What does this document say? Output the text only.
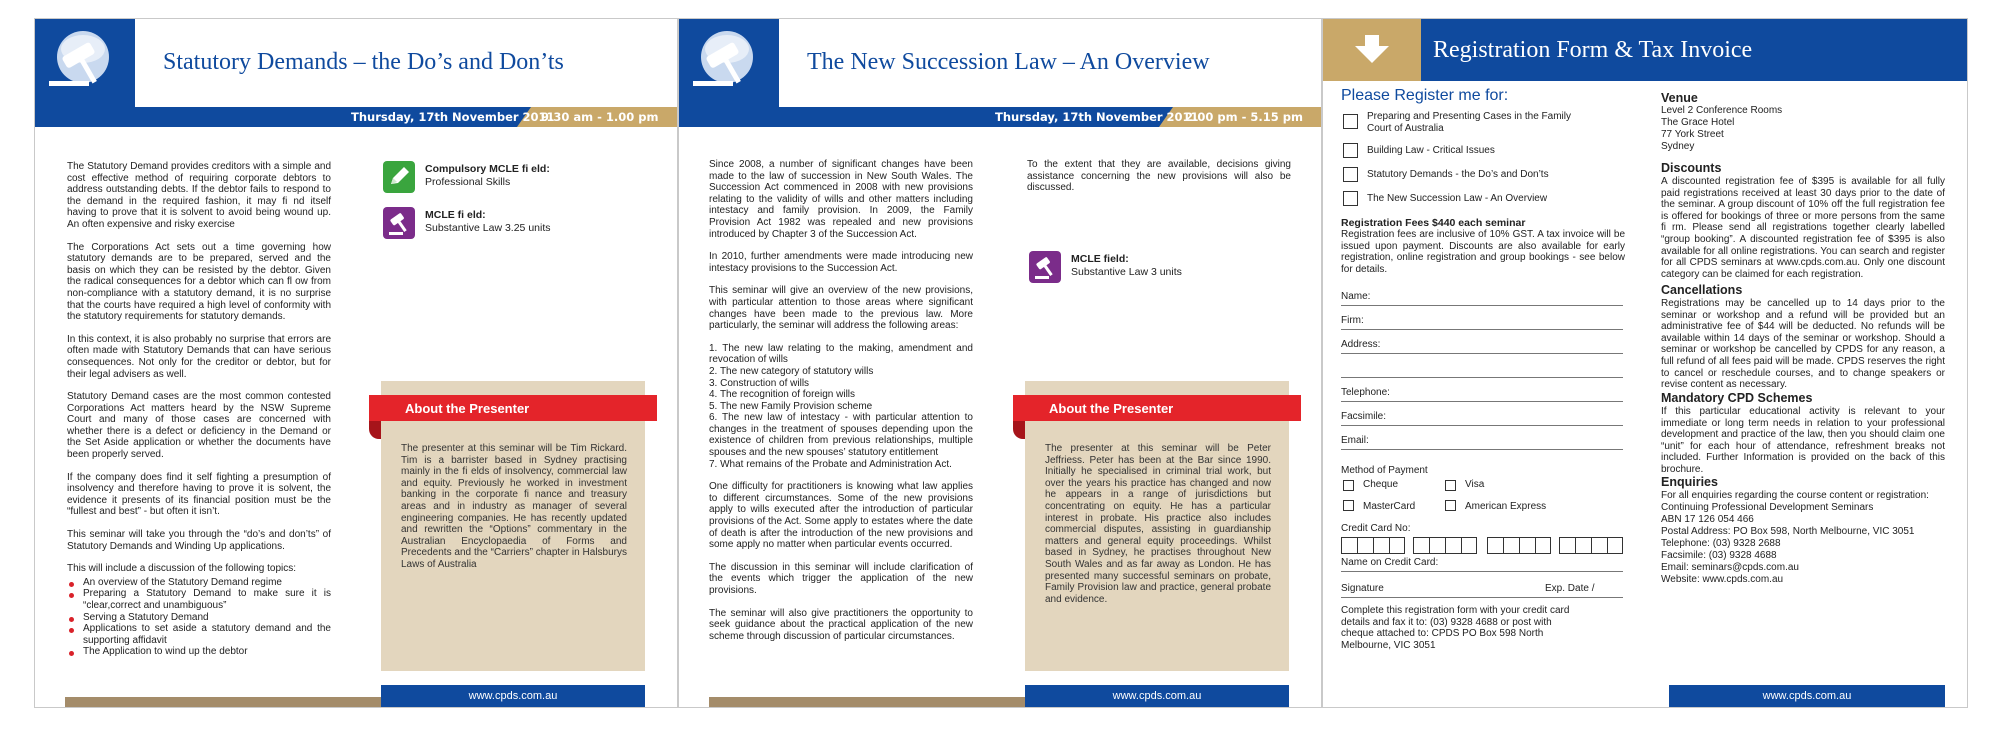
Statutory Demands – the Do’s and Don’ts
Thursday, 17th November 2011
9.30 am - 1.00 pm

The Statutory Demand provides creditors with a simple and cost effective method of requiring corporate debtors to address outstanding debts. If the debtor fails to respond to the demand in the required fashion, it may fi nd itself having to prove that it is solvent to avoid being wound up. An often expensive and risky exercise

The Corporations Act sets out a time governing how statutory demands are to be prepared, served and the basis on which they can be resisted by the debtor. Given the radical consequences for a debtor which can fl ow from non-compliance with a statutory demand, it is no surprise that the courts have required a high level of conformity with the statutory requirements for statutory demands.

In this context, it is also probably no surprise that errors are often made with Statutory Demands that can have serious consequences. Not only for the creditor or debtor, but for their legal advisers as well.

Statutory Demand cases are the most common contested Corporations Act matters heard by the NSW Supreme Court and many of those cases are concerned with whether there is a defect or deficiency in the Demand or the Set Aside application or whether the documents have been properly served.

If the company does find it self fighting a presumption of insolvency and therefore having to prove it is solvent, the evidence it presents of its financial position must be the “fullest and best” - but often it isn’t.

This seminar will take you through the “do’s and don’ts” of Statutory Demands and Winding Up applications.

This will include a discussion of the following topics:

An overview of the Statutory Demand regime
Preparing a Statutory Demand to make sure it is “clear,correct and unambiguous”
Serving a Statutory Demand
Applications to set aside a statutory demand and the supporting affidavit
The Application to wind up the debtor
Compulsory MCLE fi eld:
Professional Skills
MCLE fi eld:
Substantive Law 3.25 units
About the Presenter
The presenter at this seminar will be Tim Rickard. Tim is a barrister based in Sydney practising mainly in the fi elds of insolvency, commercial law and equity. Previously he worked in investment banking in the corporate fi nance and treasury areas and in industry as manager of several engineering companies. He has recently updated and rewritten the “Options” commentary in the Australian Encyclopaedia of Forms and Precedents and the “Carriers” chapter in Halsburys Laws of Australia
www.cpds.com.au
The New Succession Law – An Overview
Thursday, 17th November 2011
2.00 pm - 5.15 pm

Since 2008, a number of significant changes have been made to the law of succession in New South Wales. The Succession Act commenced in 2008 with new provisions relating to the validity of wills and other matters including intestacy and family provision. In 2009, the Family Provision Act 1982 was repealed and new provisions introduced by Chapter 3 of the Succession Act.

In 2010, further amendments were made introducing new intestacy provisions to the Succession Act.

This seminar will give an overview of the new provisions, with particular attention to those areas where significant changes have been made to the previous law. More particularly, the seminar will address the following areas:

1. The new law relating to the making, amendment and revocation of wills
2. The new category of statutory wills
3. Construction of wills
4. The recognition of foreign wills
5. The new Family Provision scheme
6. The new law of intestacy - with particular attention to changes in the treatment of spouses depending upon the existence of children from previous relationships, multiple spouses and the new spouses’ statutory entitlement
7. What remains of the Probate and Administration Act.

One difficulty for practitioners is knowing what law applies to different circumstances. Some of the new provisions apply to wills executed after the introduction of particular provisions of the Act. Some apply to estates where the date of death is after the introduction of the new provisions and some apply no matter when particular events occurred.

The discussion in this seminar will include clarification of the events which trigger the application of the new provisions.

The seminar will also give practitioners the opportunity to seek guidance about the practical application of the new scheme through discussion of particular circumstances.

To the extent that they are available, decisions giving assistance concerning the new provisions will also be discussed.

MCLE field:
Substantive Law 3 units
About the Presenter
The presenter at this seminar will be Peter Jeffriess. Peter has been at the Bar since 1990. Initially he specialised in criminal trial work, but over the years his practice has changed and now he appears in a range of jurisdictions but concentrating on equity. He has a particular interest in probate. His practice also includes commercial disputes, assisting in guardianship matters and general equity proceedings. Whilst based in Sydney, he practises throughout New South Wales and as far away as London. He has presented many successful seminars on probate, Family Provision law and practice, general probate and evidence.
www.cpds.com.au
Registration Form & Tax Invoice
Please Register me for:
Preparing and Presenting Cases in the Family Court of Australia
Building Law - Critical Issues
Statutory Demands - the Do’s and Don’ts
The New Succession Law - An Overview
Registration Fees $440 each seminar
Registration fees are inclusive of 10% GST. A tax invoice will be issued upon payment. Discounts are also available for early registration, online registration and group bookings - see below for details.
Name:
Firm:
Address:
Telephone:
Facsimile:
Email:
Method of Payment
Cheque	Visa
MasterCard	American Express
Credit Card No:
Name on Credit Card:
Signature	Exp. Date /
Complete this registration form with your credit card details and fax it to: (03) 9328 4688 or post with cheque attached to: CPDS PO Box 598 North Melbourne, VIC 3051
Venue
Level 2 Conference Rooms
The Grace Hotel
77 York Street
Sydney
Discounts
A discounted registration fee of $395 is available for all fully paid registrations received at least 30 days prior to the date of the seminar. A group discount of 10% off the full registration fee is offered for bookings of three or more persons from the same fi rm. Please send all registrations together clearly labelled “group booking”. A discounted registration fee of $395 is also available for all online registrations. You can search and register for all CPDS seminars at www.cpds.com.au. Only one discount category can be claimed for each registration.
Cancellations
Registrations may be cancelled up to 14 days prior to the seminar or workshop and a refund will be provided but an administrative fee of $44 will be deducted. No refunds will be available within 14 days of the seminar or workshop. Should a seminar or workshop be cancelled by CPDS for any reason, a full refund of all fees paid will be made. CPDS reserves the right to cancel or reschedule courses, and to change speakers or revise content as necessary.
Mandatory CPD Schemes
If this particular educational activity is relevant to your immediate or long term needs in relation to your professional development and practice of the law, then you should claim one “unit” for each hour of attendance, refreshment breaks not included. Further Information is provided on the back of this brochure.
Enquiries
For all enquiries regarding the course content or registration:
Continuing Professional Development Seminars
ABN 17 126 054 466
Postal Address: PO Box 598, North Melbourne, VIC 3051
Telephone: (03) 9328 2688
Facsimile: (03) 9328 4688
Email: seminars@cpds.com.au
Website: www.cpds.com.au
www.cpds.com.au
